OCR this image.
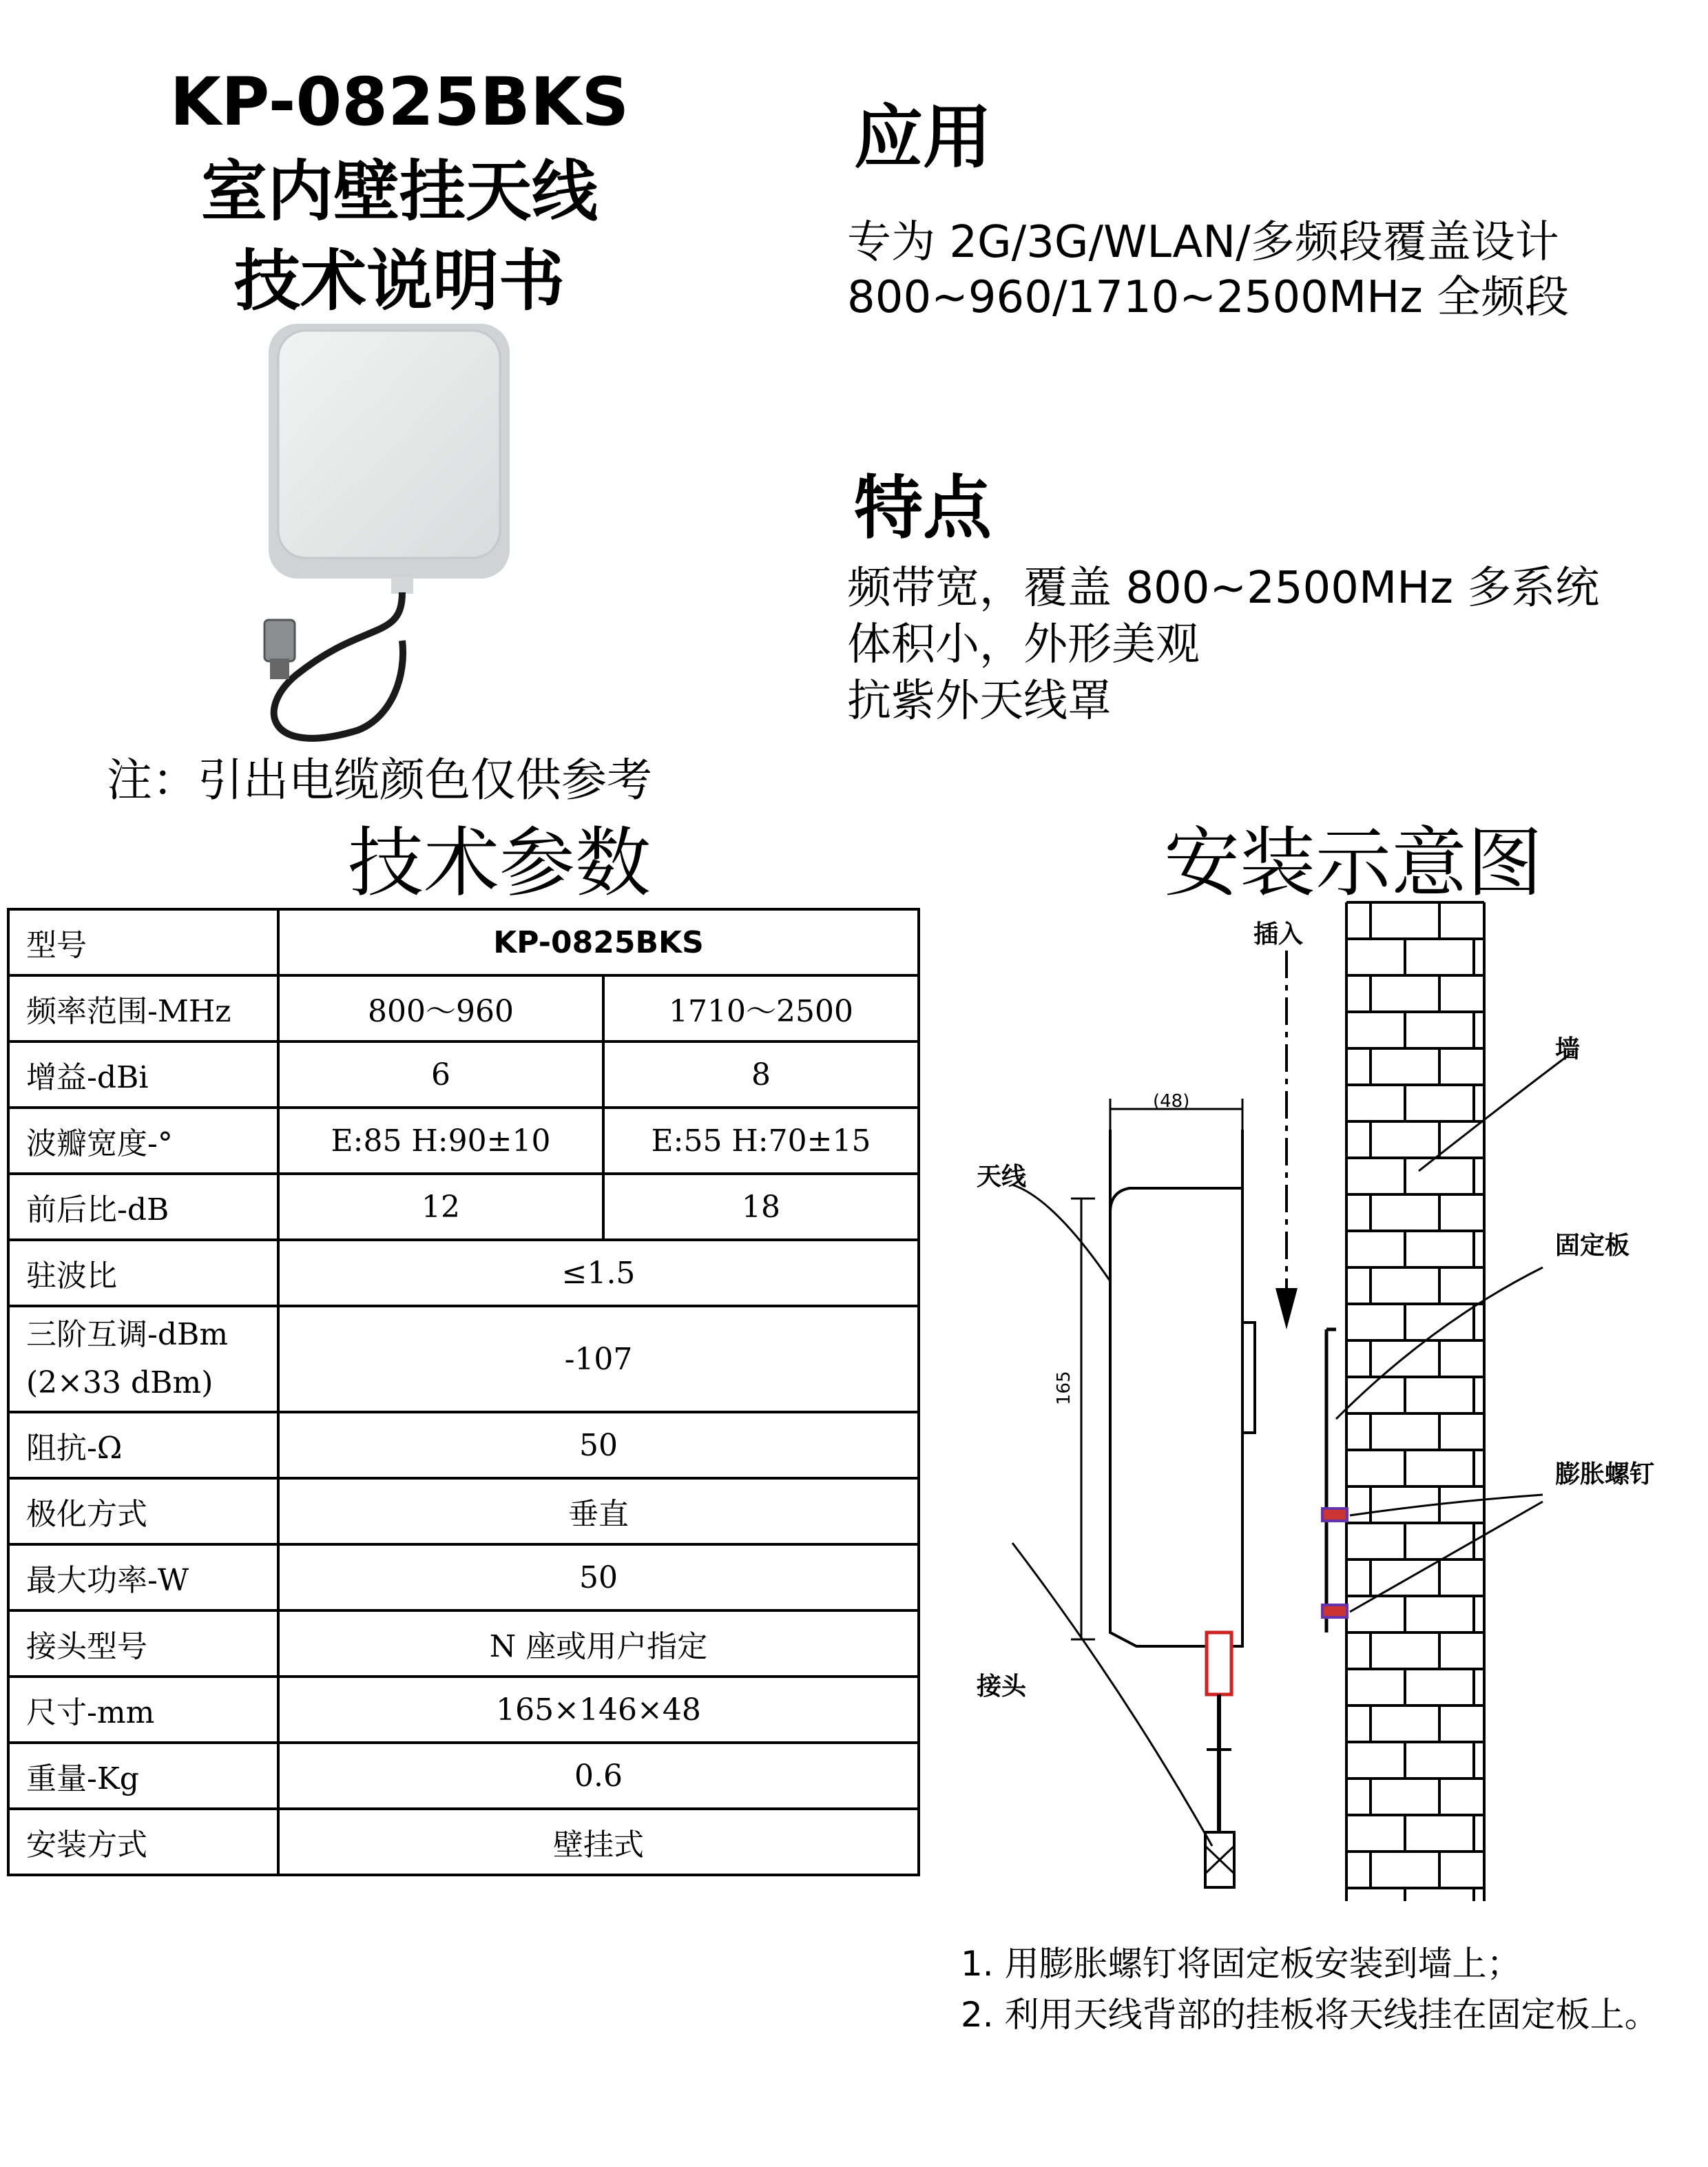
KP-0825BKS
室内壁挂天线
技术说明书
注：引出电缆颜色仅供参考
应用
专为 2G/3G/WLAN/多频段覆盖设计
800~960/1710~2500MHz 全频段
特点
频带宽，覆盖 800~2500MHz 多系统
体积小，外形美观
抗紫外天线罩
技术参数	安装示意图
型号	KP-0825BKS	
频率范围-MHz	800～960	1710～2500
增益-dBi	6	8
波瓣宽度-°	E:85 H:90±10	E:55 H:70±15
前后比-dB	12	18
驻波比	≤1.5	

三阶互调-dBm
(2×33 dBm)	-107	
阻抗-Ω	50	
极化方式	垂直	
最大功率-W	50	
接头型号	N 座或用户指定	
尺寸-mm	165×146×48	
重量-Kg	0.6	
安装方式	壁挂式	
插入
天线
墙
固定板
膨胀螺钉
接头
(48)
165
1. 用膨胀螺钉将固定板安装到墙上；
2. 利用天线背部的挂板将天线挂在固定板上。
